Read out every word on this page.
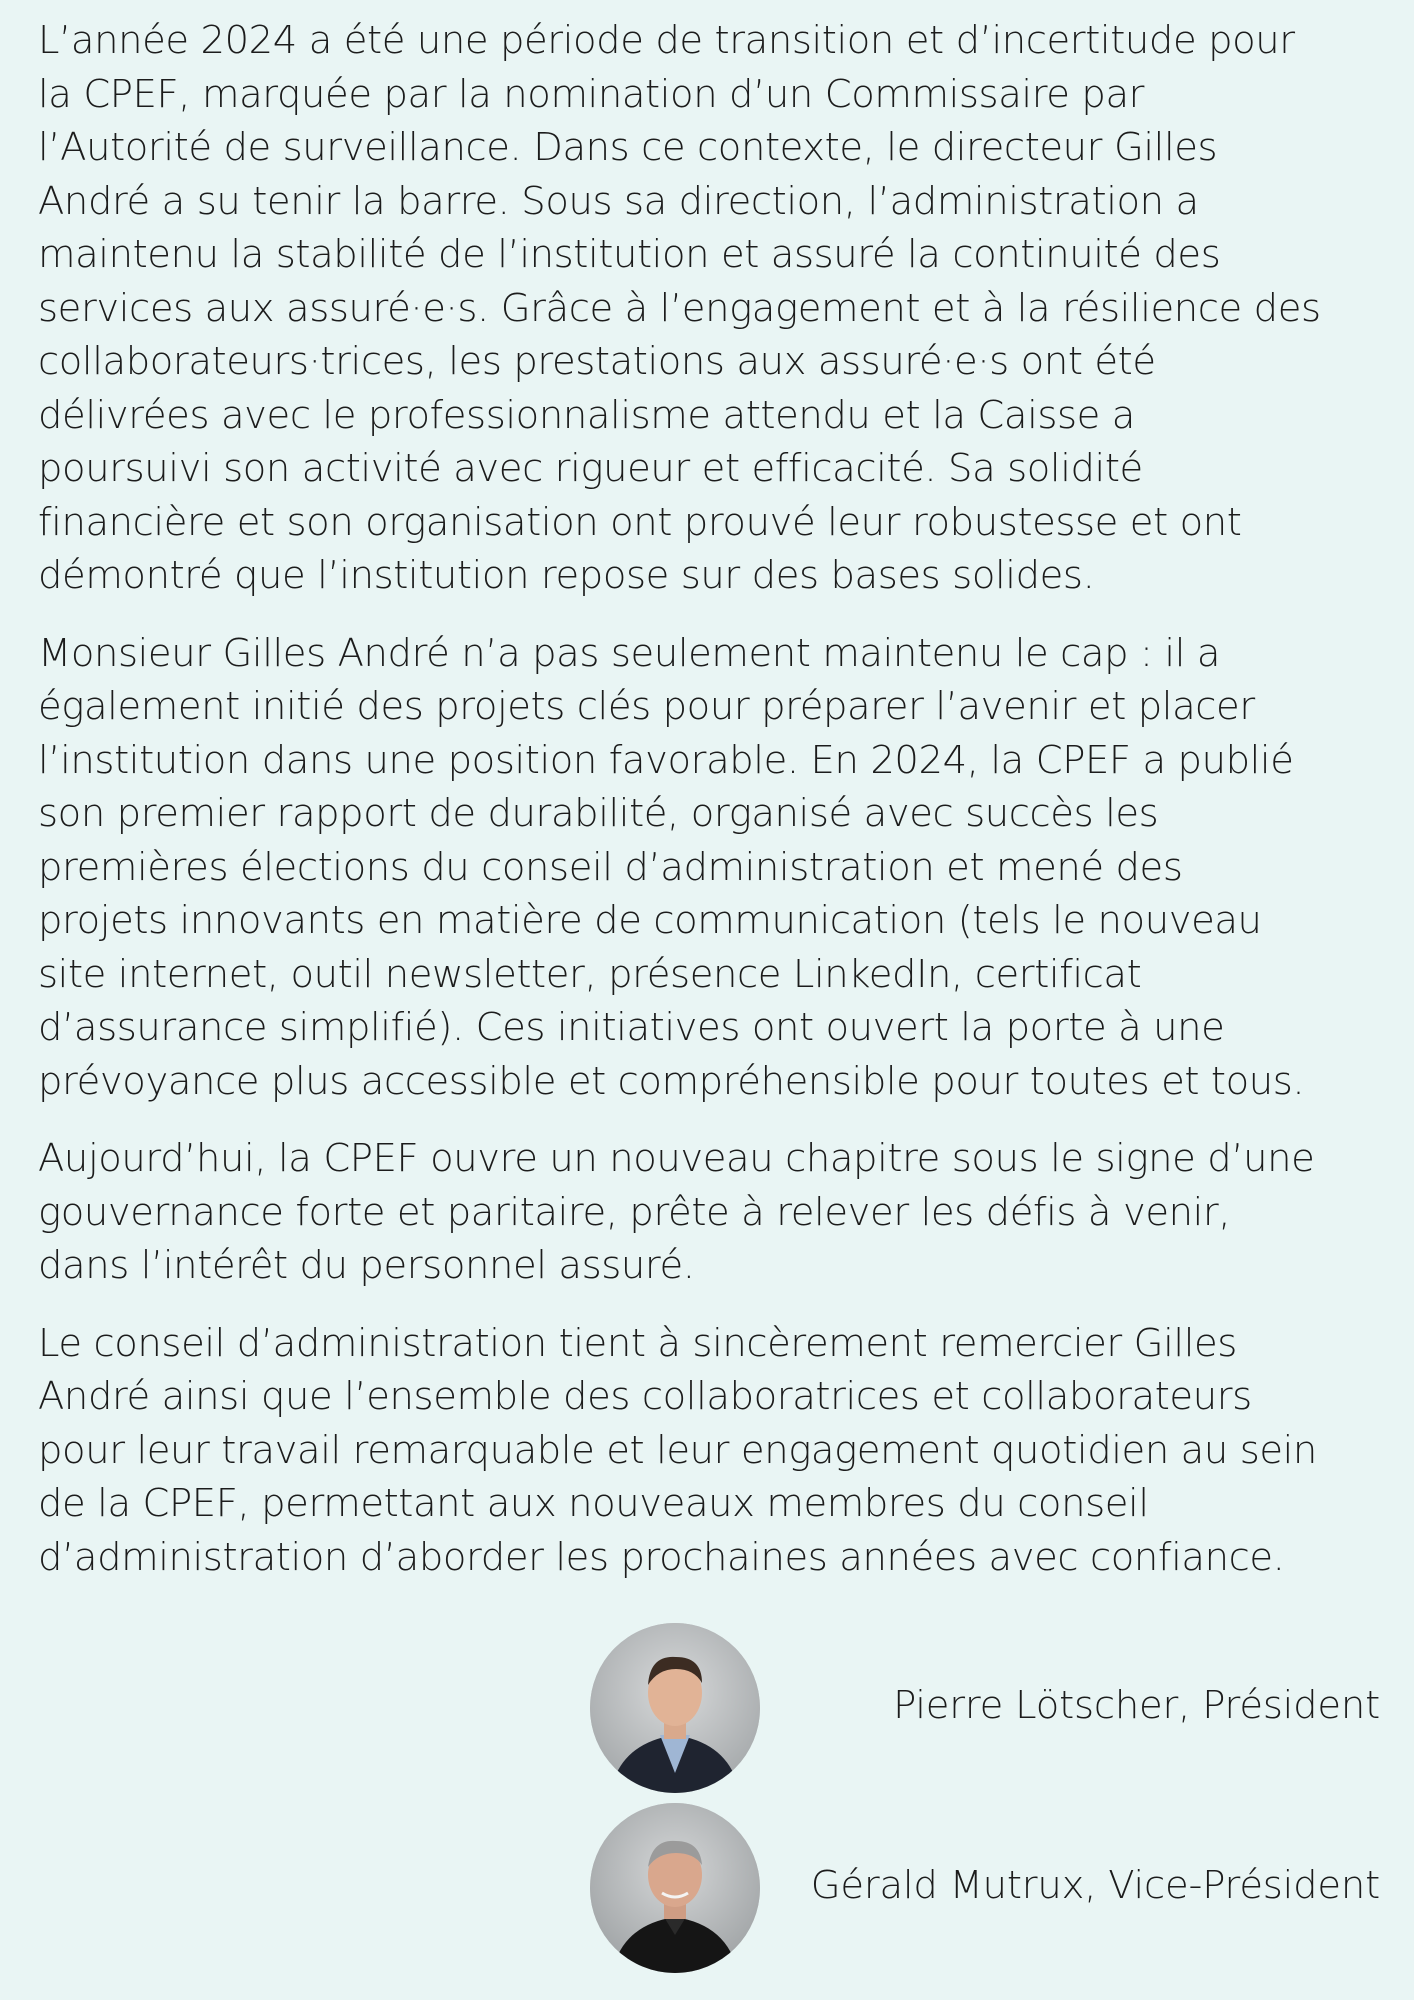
L’année 2024 a été une période de transition et d’incertitude pour
la CPEF, marquée par la nomination d’un Commissaire par
l’Autorité de surveillance. Dans ce contexte, le directeur Gilles
André a su tenir la barre. Sous sa direction, l’administration a
maintenu la stabilité de l’institution et assuré la continuité des
services aux assuré·e·s. Grâce à l’engagement et à la résilience des
collaborateurs·trices, les prestations aux assuré·e·s ont été
délivrées avec le professionnalisme attendu et la Caisse a
poursuivi son activité avec rigueur et efficacité. Sa solidité
financière et son organisation ont prouvé leur robustesse et ont
démontré que l’institution repose sur des bases solides.

Monsieur Gilles André n’a pas seulement maintenu le cap : il a
également initié des projets clés pour préparer l’avenir et placer
l’institution dans une position favorable. En 2024, la CPEF a publié
son premier rapport de durabilité, organisé avec succès les
premières élections du conseil d’administration et mené des
projets innovants en matière de communication (tels le nouveau
site internet, outil newsletter, présence LinkedIn, certificat
d’assurance simplifié). Ces initiatives ont ouvert la porte à une
prévoyance plus accessible et compréhensible pour toutes et tous.

Aujourd’hui, la CPEF ouvre un nouveau chapitre sous le signe d’une
gouvernance forte et paritaire, prête à relever les défis à venir,
dans l’intérêt du personnel assuré.

Le conseil d’administration tient à sincèrement remercier Gilles
André ainsi que l’ensemble des collaboratrices et collaborateurs
pour leur travail remarquable et leur engagement quotidien au sein
de la CPEF, permettant aux nouveaux membres du conseil
d’administration d’aborder les prochaines années avec confiance.

Pierre Lötscher, Président
Gérald Mutrux, Vice-Président
